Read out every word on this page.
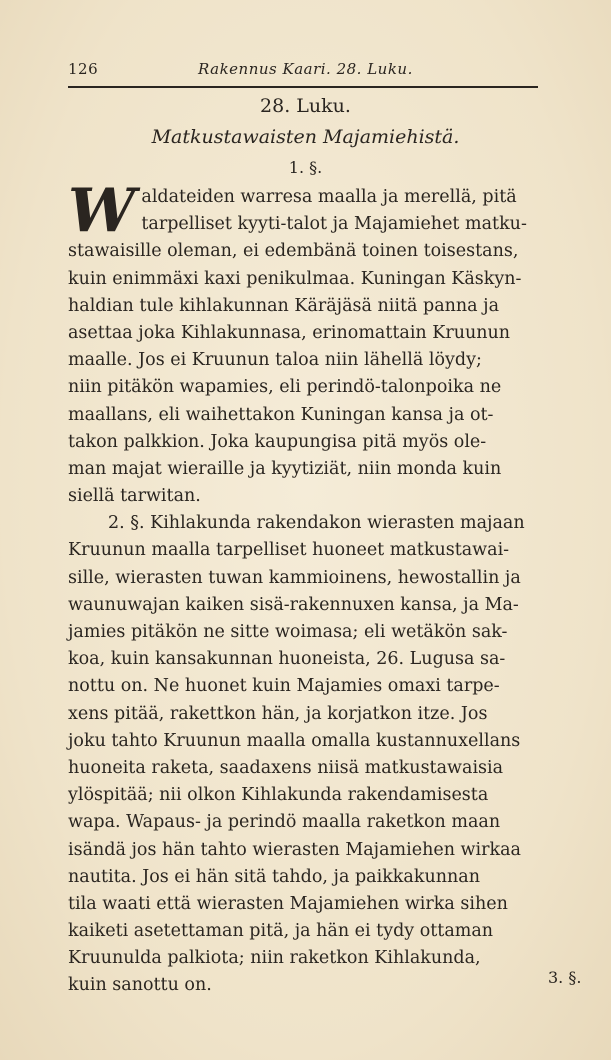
126	Rakennus Kaari. 28. Luku.
28. Luku.
Matkustawaisten Majamiehistä.
1. §.
W aldateiden warresa maalla ja merellä, pitä
tarpelliset kyyti-talot ja Majamiehet matku-
stawaisille oleman, ei edembänä toinen toisestans,
kuin enimmäxi kaxi penikulmaa. Kuningan Käskyn-
haldian tule kihlakunnan Käräjäsä niitä panna ja
asettaa joka Kihlakunnasa, erinomattain Kruunun
maalle. Jos ei Kruunun taloa niin lähellä löydy;
niin pitäkön wapamies, eli perindö-talonpoika ne
maallans, eli waihettakon Kuningan kansa ja ot-
takon palkkion. Joka kaupungisa pitä myös ole-
man majat wieraille ja kyytiziät, niin monda kuin
siellä tarwitan.
2. §. Kihlakunda rakendakon wierasten majaan
Kruunun maalla tarpelliset huoneet matkustawai-
sille, wierasten tuwan kammioinens, hewostallin ja
waunuwajan kaiken sisä-rakennuxen kansa, ja Ma-
jamies pitäkön ne sitte woimasa; eli wetäkön sak-
koa, kuin kansakunnan huoneista, 26. Lugusa sa-
nottu on. Ne huonet kuin Majamies omaxi tarpe-
xens pitää, rakettkon hän, ja korjatkon itze. Jos
joku tahto Kruunun maalla omalla kustannuxellans
huoneita raketa, saadaxens niisä matkustawaisia
ylöspitää; nii olkon Kihlakunda rakendamisesta
wapa. Wapaus- ja perindö maalla raketkon maan
isändä jos hän tahto wierasten Majamiehen wirkaa
nautita. Jos ei hän sitä tahdo, ja paikkakunnan
tila waati että wierasten Majamiehen wirka sihen
kaiketi asetettaman pitä, ja hän ei tydy ottaman
Kruunulda palkiota; niin raketkon Kihlakunda,
kuin sanottu on.	3. §.
